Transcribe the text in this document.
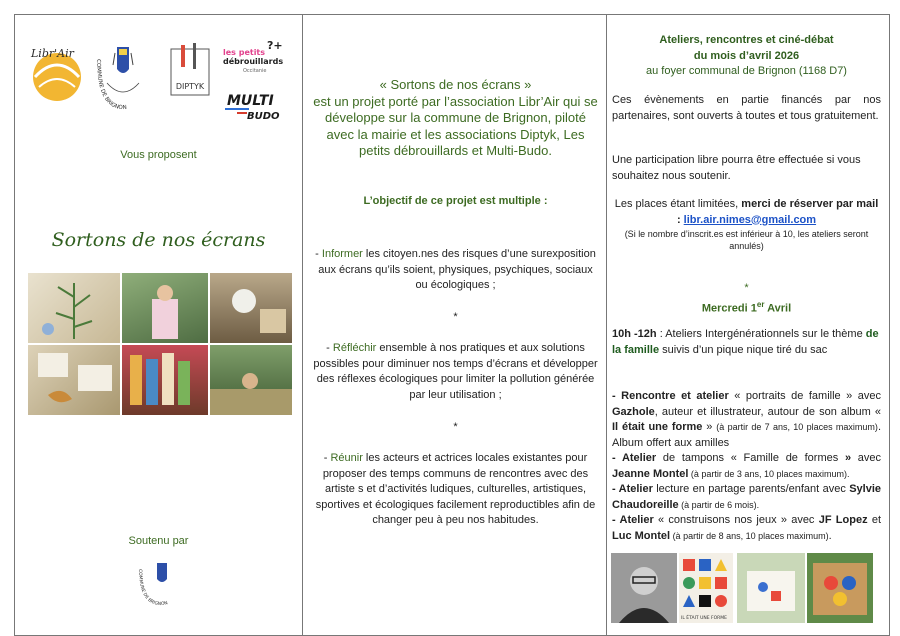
Libr'Air
COMMUNE DE BRIGNON
DIPTYK
les petits
débrouillards
Occitanie
?+
MULTI
BUDO
Vous proposent
Sortons de nos écrans
Soutenu par
COMMUNE DE BRIGNON
« Sortons de nos écrans »
est un projet porté par l’association Libr’Air qui se développe sur la commune de Brignon, piloté avec la mairie et les associations Diptyk, Les petits débrouillards et Multi-Budo.
L’objectif de ce projet est multiple :
- Informer les citoyen.nes des risques d’une surexposition aux écrans qu’ils soient, physiques, psychiques, sociaux ou écologiques ;
*
- Réfléchir ensemble à nos pratiques et aux solutions possibles pour diminuer nos temps d’écrans et développer des réflexes écologiques pour limiter la pollution générée par leur utilisation ;
*
- Réunir les acteurs et actrices locales existantes pour proposer des temps communs de rencontres avec des artiste s et d’activités ludiques, culturelles, artistiques, sportives et écologiques facilement reproductibles afin de changer peu à peu nos habitudes.
Ateliers, rencontres et ciné-débat
du mois d’avril 2026
au foyer communal de Brignon (1168 D7)
Ces évènements en partie financés par nos partenaires, sont ouverts à toutes et tous gratuitement.
Une participation libre pourra être effectuée si vous souhaitez nous soutenir.
Les places étant limitées, merci de réserver par mail : libr.air.nimes@gmail.com
(Si le nombre d’inscrit.es est inférieur à 10, les ateliers seront annulés)
*
Mercredi 1er Avril
10h -12h : Ateliers Intergénérationnels sur le thème de la famille suivis d’un pique nique tiré du sac
- Rencontre et atelier « portraits de famille » avec Gazhole, auteur et illustrateur, autour de son album « Il était une forme » (à partir de 7 ans, 10 places maximum). Album offert aux amilles
- Atelier de tampons « Famille de formes » avec Jeanne Montel (à partir de 3 ans, 10 places maximum).
- Atelier lecture en partage parents/enfant avec Sylvie Chaudoreille (à partir de 6 mois).
- Atelier « construisons nos jeux » avec JF Lopez et Luc Montel (à partir de 8 ans, 10 places maximum).
IL ÉTAIT UNE FORME
